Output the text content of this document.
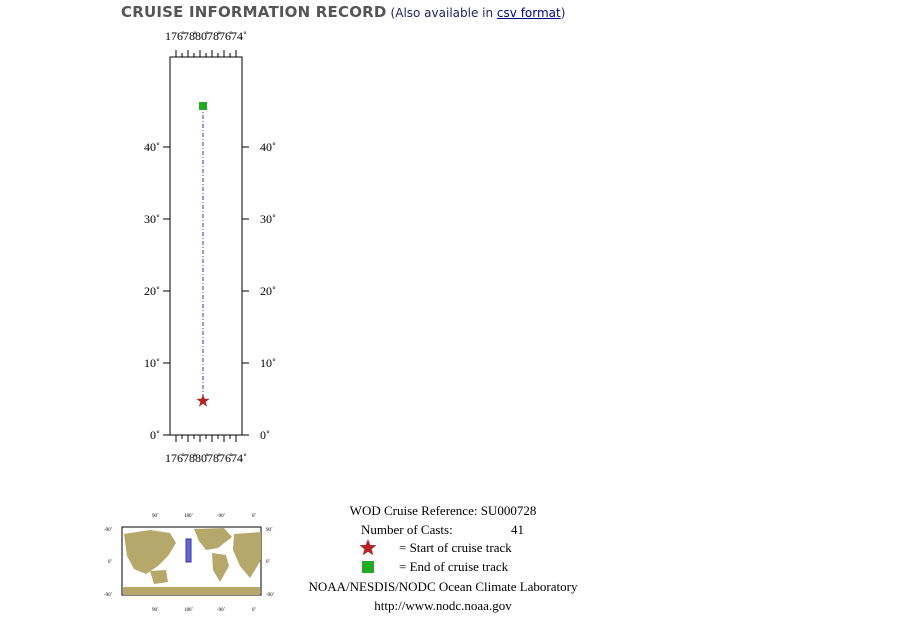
CRUISE INFORMATION RECORD (Also available in csv format)
176̊78̊80̊78̊76̊74˚
176̊78̊80̊78̊76̊74˚
40˚	40˚
30˚	30˚
20˚	20˚
10˚	10˚
0˚	0˚
90˚	180˚	-90˚	0˚
90˚	180˚	-90˚	0˚
-90˚
0˚
-90˚
90˚
0˚
-90˚
WOD Cruise Reference: SU000728
Number of Casts:	41
= Start of cruise track
= End of cruise track
NOAA/NESDIS/NODC Ocean Climate Laboratory
http://www.nodc.noaa.gov
